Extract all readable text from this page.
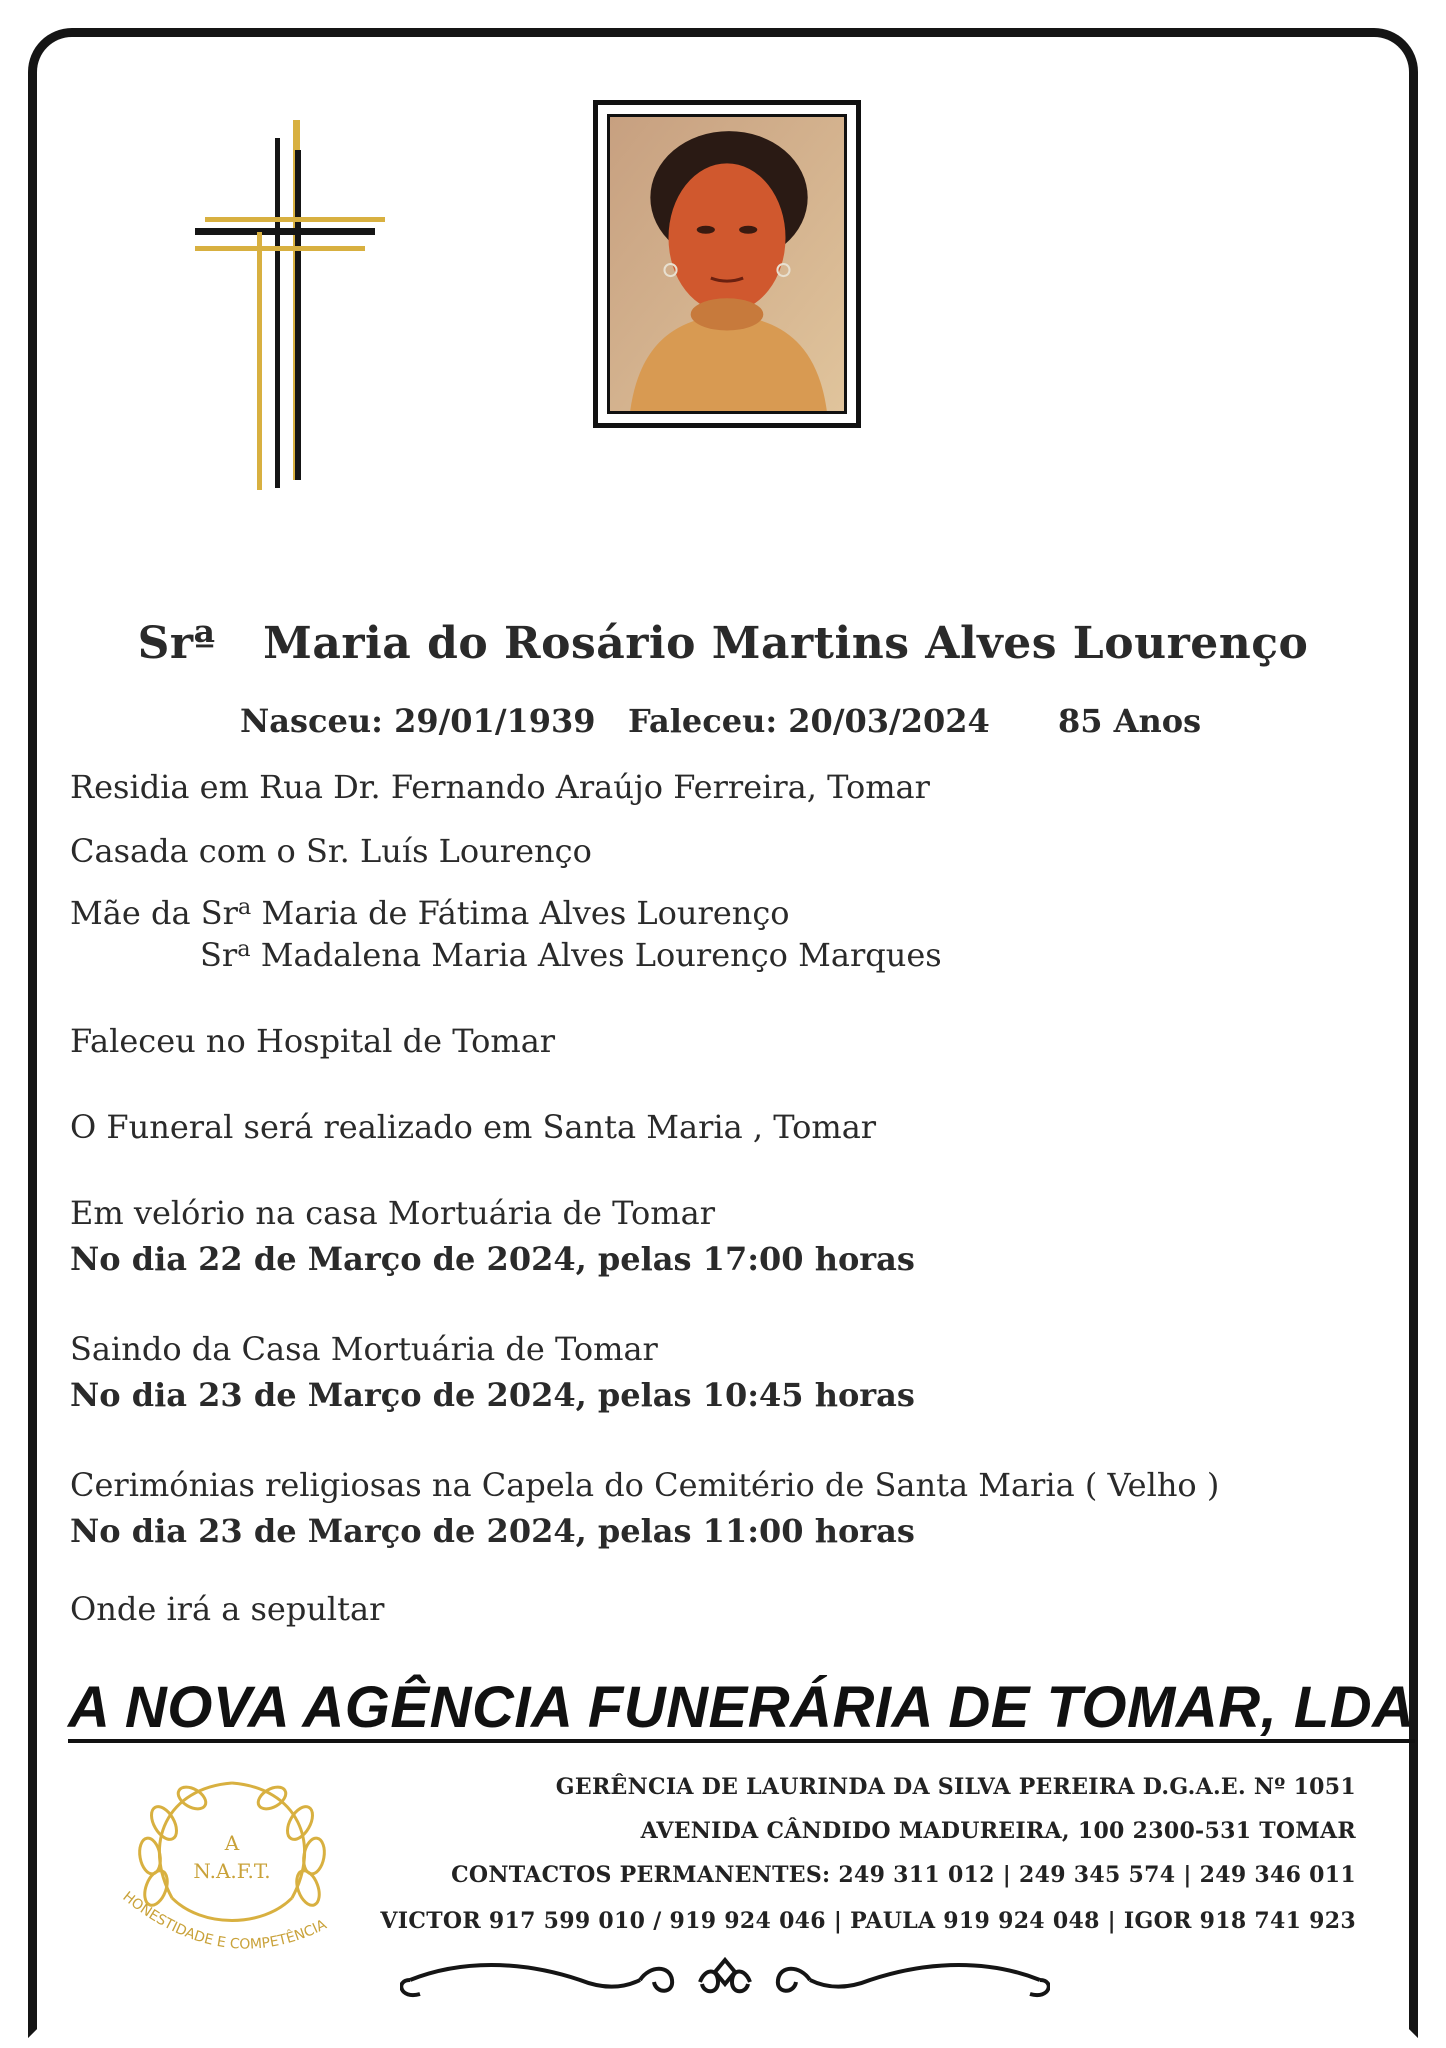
Srª Maria do Rosário Martins Alves Lourenço
Nasceu: 29/01/1939 Faleceu: 20/03/2024 85 Anos
Residia em Rua Dr. Fernando Araújo Ferreira, Tomar
Casada com o Sr. Luís Lourenço
Mãe da Sr$^a$ Maria de Fátima Alves Lourenço
Sr$^a$ Madalena Maria Alves Lourenço Marques
Faleceu no Hospital de Tomar
O Funeral será realizado em Santa Maria , Tomar
Em velório na casa Mortuária de Tomar
No dia 22 de Março de 2024, pelas 17:00 horas
Saindo da Casa Mortuária de Tomar
No dia 23 de Março de 2024, pelas 10:45 horas
Cerimónias religiosas na Capela do Cemitério de Santa Maria ( Velho )
No dia 23 de Março de 2024, pelas 11:00 horas
Onde irá a sepultar
A NOVA AGÊNCIA FUNERÁRIA DE TOMAR, LDA
A
N.A.F.T.
HONESTIDADE E COMPETÊNCIA
GERÊNCIA DE LAURINDA DA SILVA PEREIRA D.G.A.E. Nº 1051
AVENIDA CÂNDIDO MADUREIRA, 100 2300-531 TOMAR
CONTACTOS PERMANENTES: 249 311 012 | 249 345 574 | 249 346 011
VICTOR 917 599 010 / 919 924 046 | PAULA 919 924 048 | IGOR 918 741 923
